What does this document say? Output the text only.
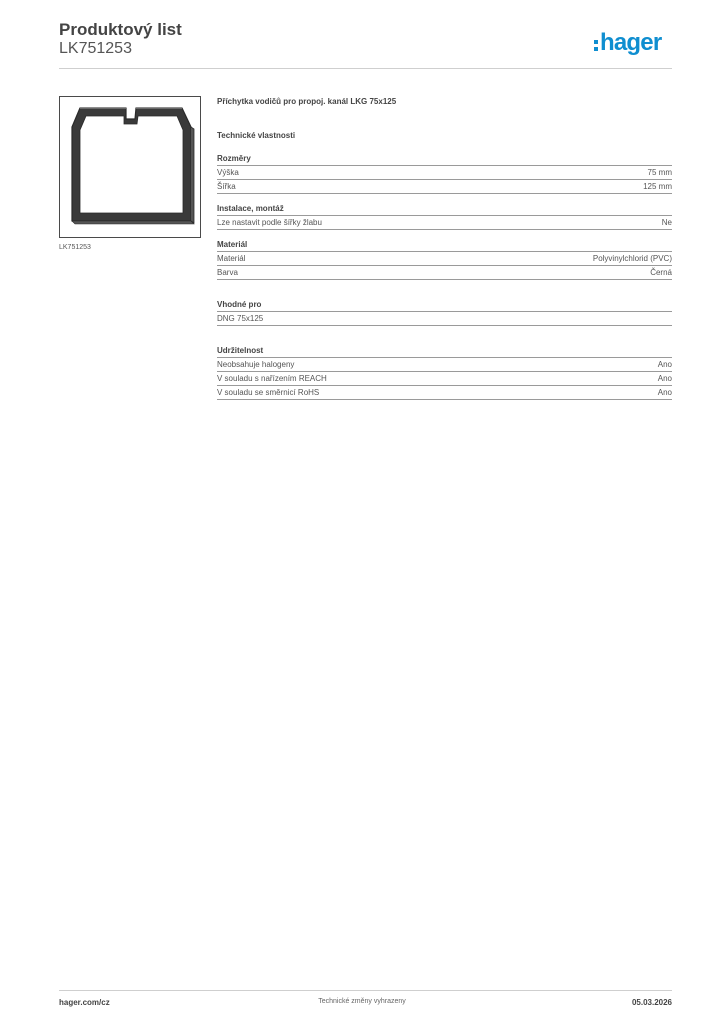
Produktový list
LK751253	hager
LK751253
Příchytka vodičů pro propoj. kanál LKG 75x125
Technické vlastnosti
Rozměry
Výška	75 mm
Šířka	125 mm
Instalace, montáž
Lze nastavit podle šířky žlabu	Ne
Materiál
Materiál	Polyvinylchlorid (PVC)
Barva	Černá
Vhodné pro
DNG 75x125
Udržitelnost
Neobsahuje halogeny	Ano
V souladu s nařízením REACH	Ano
V souladu se směrnicí RoHS	Ano
hager.com/cz	Technické změny vyhrazeny	05.03.2026
